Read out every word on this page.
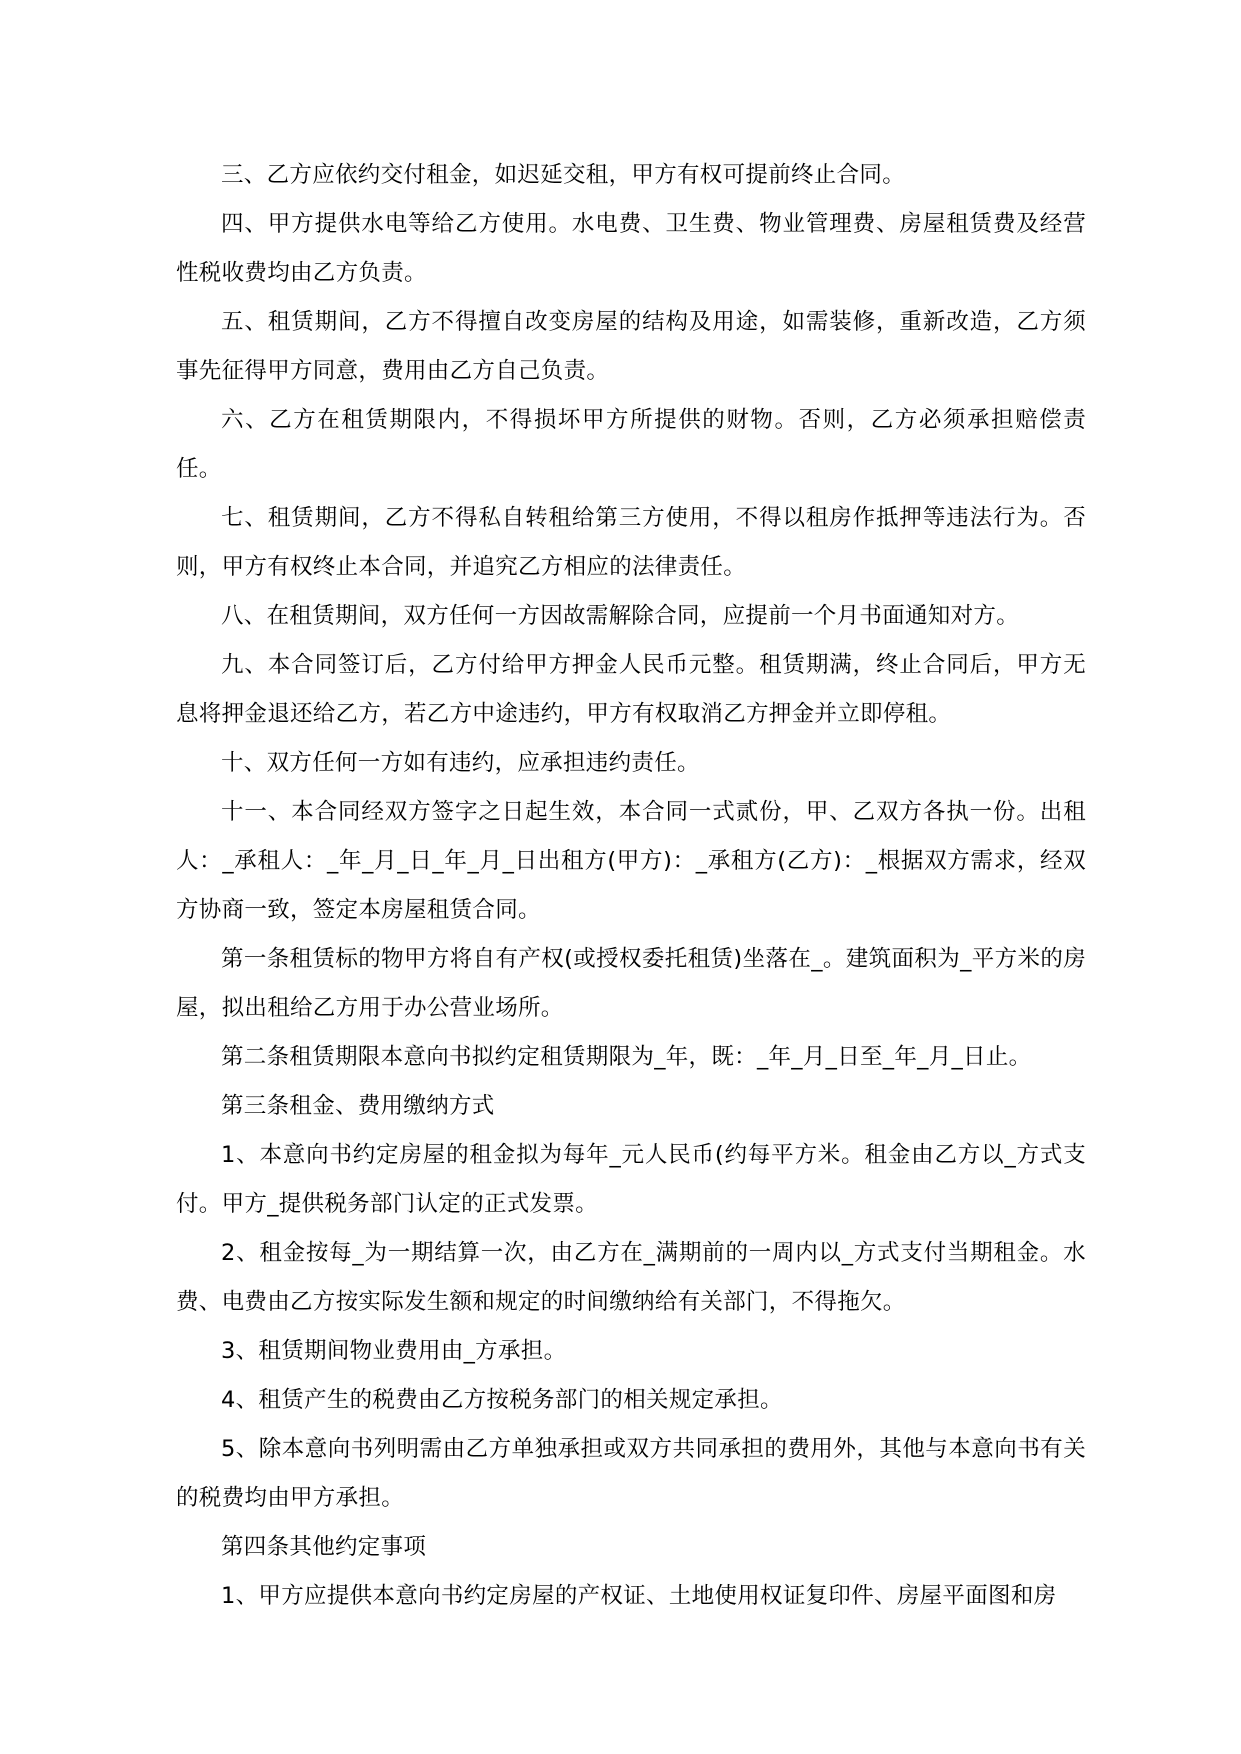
三、乙方应依约交付租金，如迟延交租，甲方有权可提前终止合同。

四、甲方提供水电等给乙方使用。水电费、卫生费、物业管理费、房屋租赁费及经营性税收费均由乙方负责。

五、租赁期间，乙方不得擅自改变房屋的结构及用途，如需装修，重新改造，乙方须事先征得甲方同意，费用由乙方自己负责。

六、乙方在租赁期限内，不得损坏甲方所提供的财物。否则，乙方必须承担赔偿责任。

七、租赁期间，乙方不得私自转租给第三方使用，不得以租房作抵押等违法行为。否则，甲方有权终止本合同，并追究乙方相应的法律责任。

八、在租赁期间，双方任何一方因故需解除合同，应提前一个月书面通知对方。

九、本合同签订后，乙方付给甲方押金人民币元整。租赁期满，终止合同后，甲方无息将押金退还给乙方，若乙方中途违约，甲方有权取消乙方押金并立即停租。

十、双方任何一方如有违约，应承担违约责任。

十一、本合同经双方签字之日起生效，本合同一式贰份，甲、乙双方各执一份。出租人：_承租人：_年_月_日_年_月_日出租方(甲方)：_承租方(乙方)：_根据双方需求，经双方协商一致，签定本房屋租赁合同。

第一条租赁标的物甲方将自有产权(或授权委托租赁)坐落在_。建筑面积为_平方米的房屋，拟出租给乙方用于办公营业场所。

第二条租赁期限本意向书拟约定租赁期限为_年，既：_年_月_日至_年_月_日止。

第三条租金、费用缴纳方式

1、本意向书约定房屋的租金拟为每年_元人民币(约每平方米。租金由乙方以_方式支付。甲方_提供税务部门认定的正式发票。

2、租金按每_为一期结算一次，由乙方在_满期前的一周内以_方式支付当期租金。水费、电费由乙方按实际发生额和规定的时间缴纳给有关部门，不得拖欠。

3、租赁期间物业费用由_方承担。

4、租赁产生的税费由乙方按税务部门的相关规定承担。

5、除本意向书列明需由乙方单独承担或双方共同承担的费用外，其他与本意向书有关的税费均由甲方承担。

第四条其他约定事项

1、甲方应提供本意向书约定房屋的产权证、土地使用权证复印件、房屋平面图和房
